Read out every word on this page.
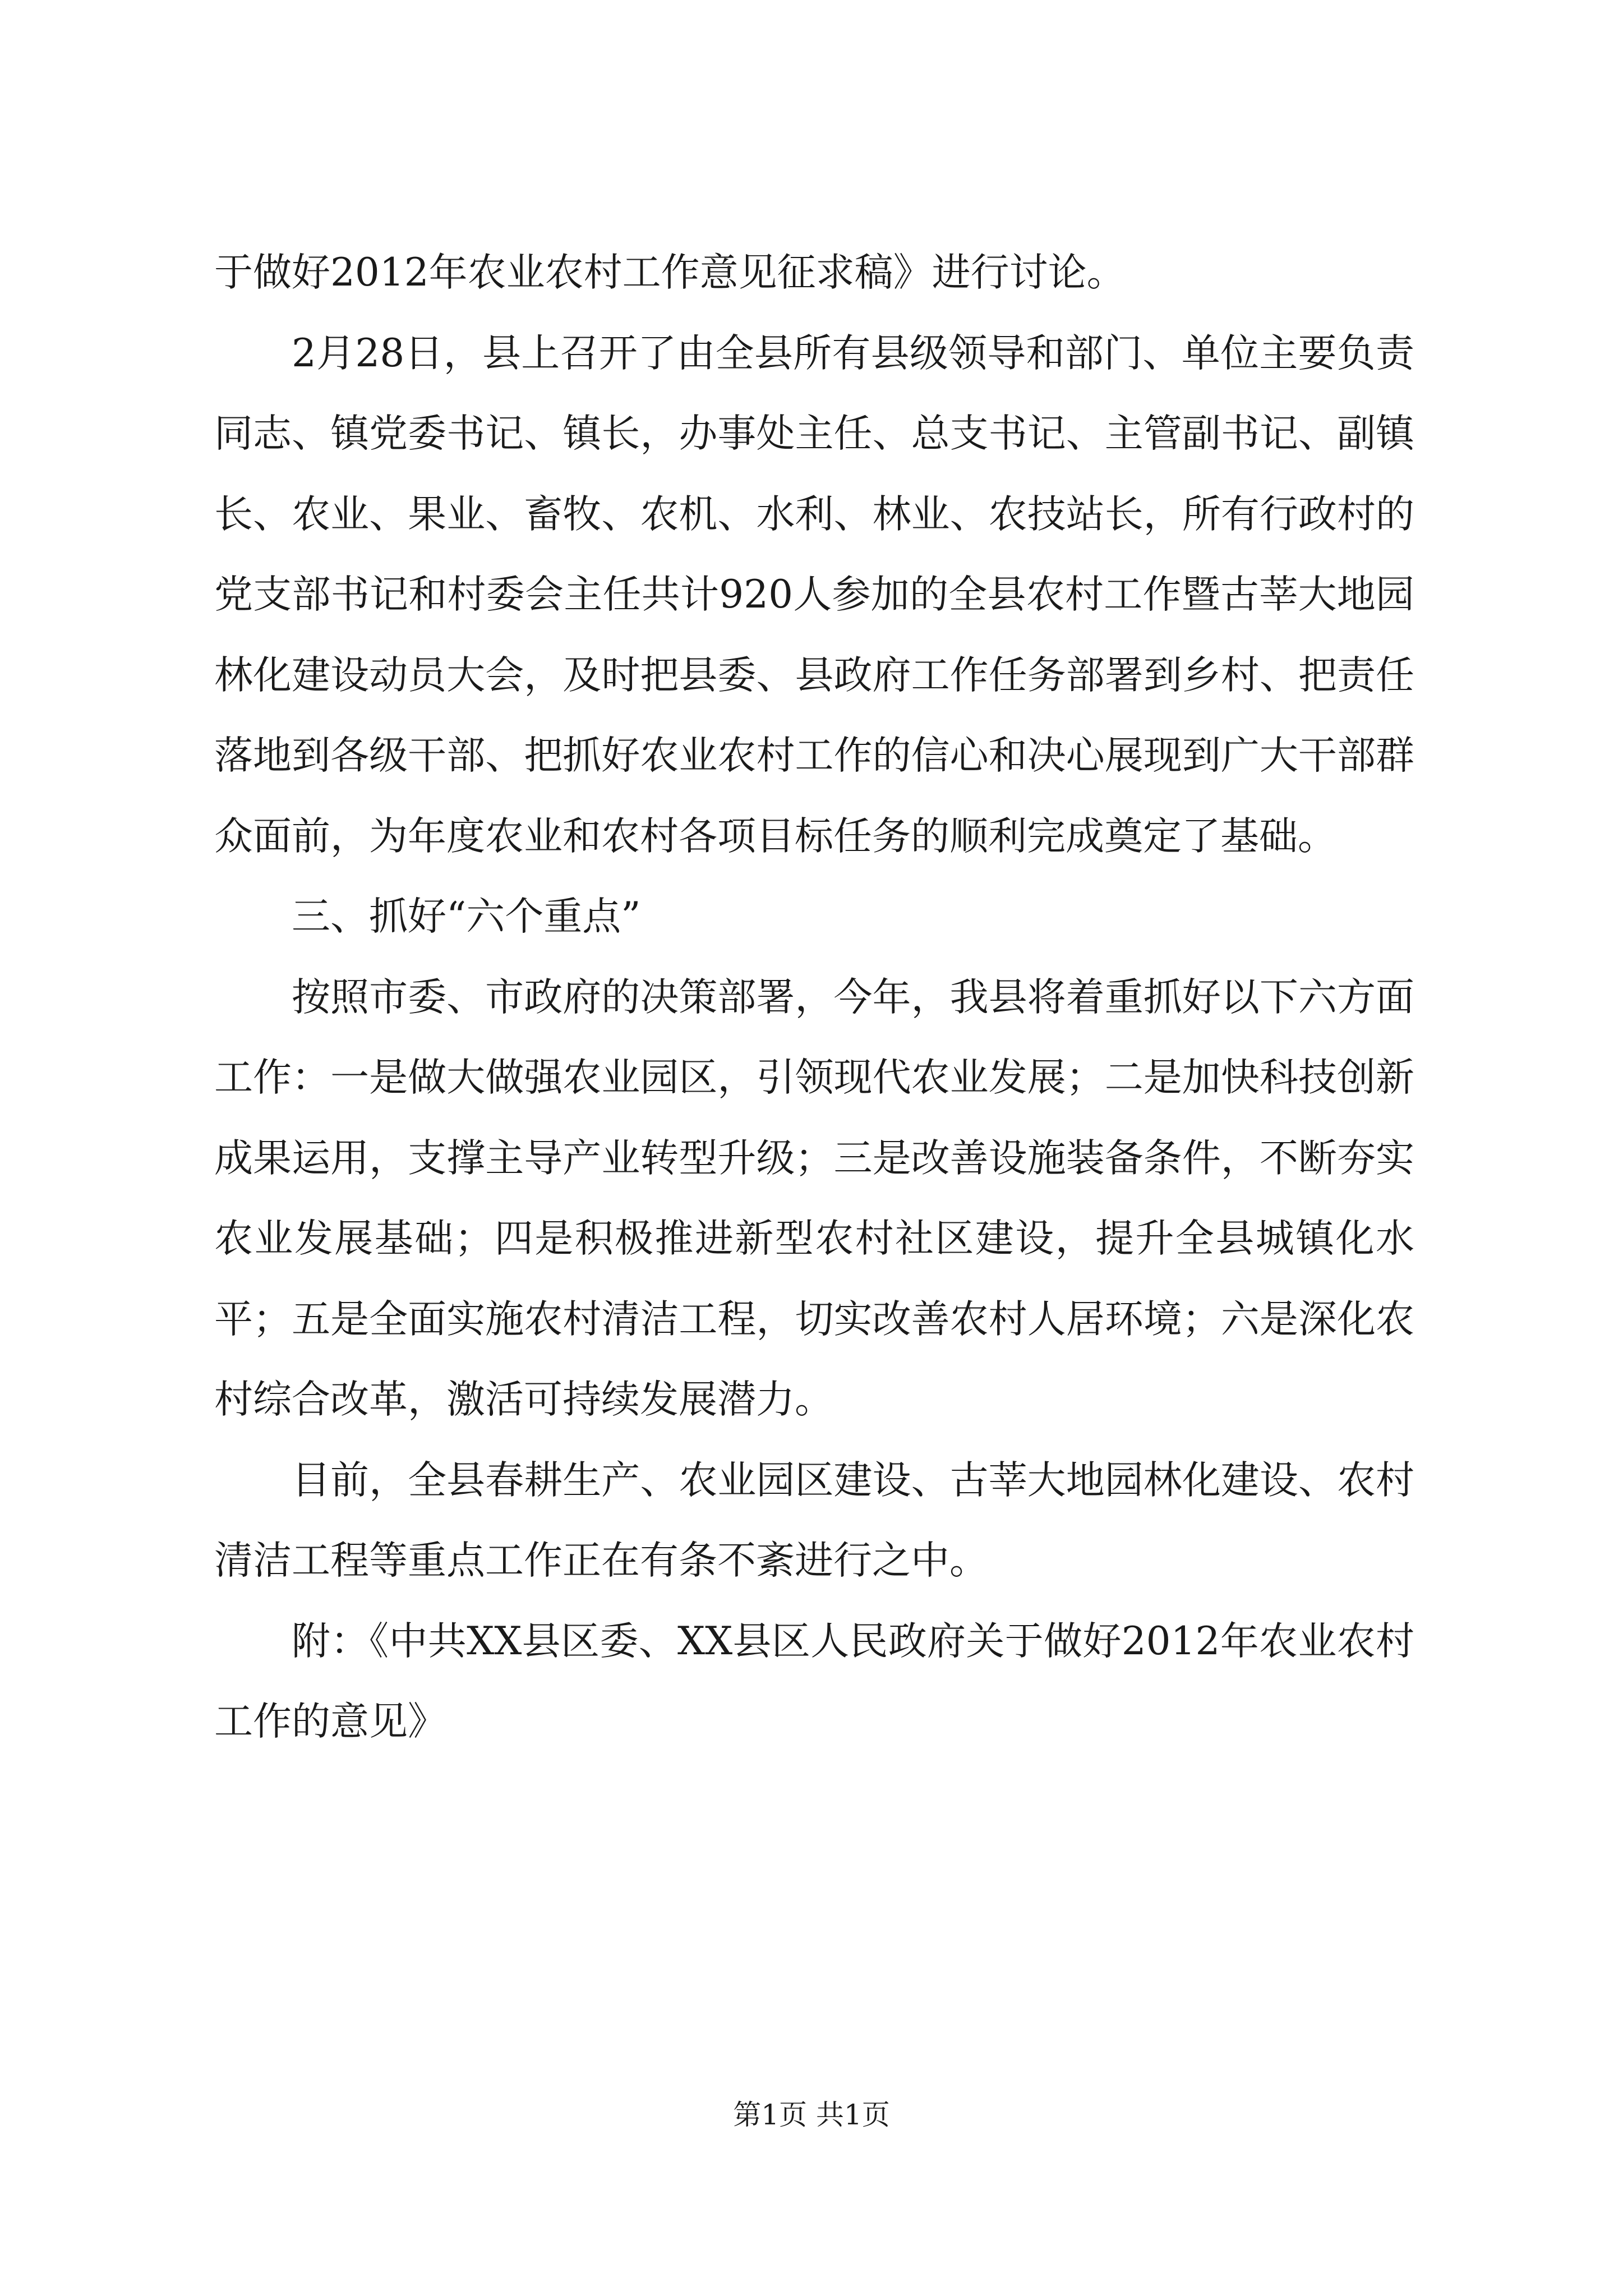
于做好2012年农业农村工作意见征求稿》进行讨论。

2月28日，县上召开了由全县所有县级领导和部门、单位主要负责同志、镇党委书记、镇长，办事处主任、总支书记、主管副书记、副镇长、农业、果业、畜牧、农机、水利、林业、农技站长，所有行政村的党支部书记和村委会主任共计920人参加的全县农村工作暨古莘大地园林化建设动员大会，及时把县委、县政府工作任务部署到乡村、把责任落地到各级干部、把抓好农业农村工作的信心和决心展现到广大干部群众面前，为年度农业和农村各项目标任务的顺利完成奠定了基础。

三、抓好“六个重点”

按照市委、市政府的决策部署，今年，我县将着重抓好以下六方面工作：一是做大做强农业园区，引领现代农业发展；二是加快科技创新成果运用，支撑主导产业转型升级；三是改善设施装备条件，不断夯实农业发展基础；四是积极推进新型农村社区建设，提升全县城镇化水平；五是全面实施农村清洁工程，切实改善农村人居环境；六是深化农村综合改革，激活可持续发展潜力。

目前，全县春耕生产、农业园区建设、古莘大地园林化建设、农村清洁工程等重点工作正在有条不紊进行之中。

附：《中共XX县区委、XX县区人民政府关于做好2012年农业农村工作的意见》

第1页 共1页
